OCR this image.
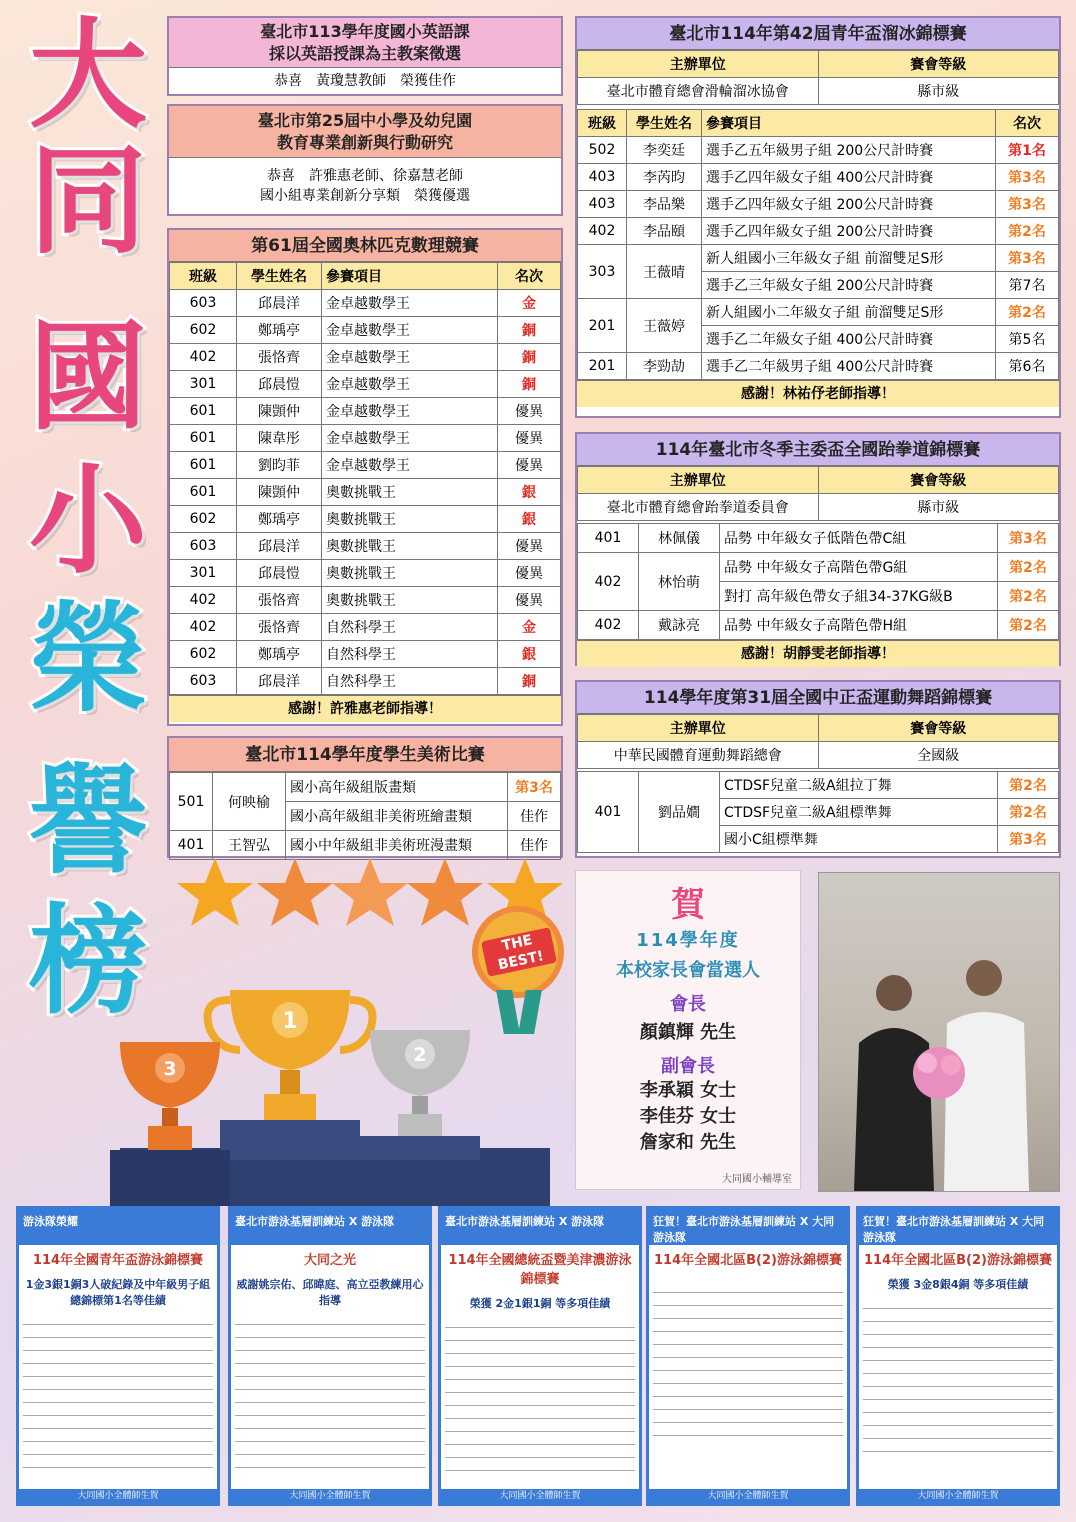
大
同
國
小
榮
譽
榜
臺北市113學年度國小英語課
採以英語授課為主教案徵選
恭喜　黃瓊慧教師　榮獲佳作
臺北市第25屆中小學及幼兒園
教育專業創新與行動研究
恭喜　許雅惠老師、徐嘉慧老師
國小組專業創新分享類　榮獲優選
第61屆全國奧林匹克數理競賽
班級	學生姓名	參賽項目	名次
603	邱晨洋	金卓越數學王	金
602	鄭瑀亭	金卓越數學王	銅
402	張恪齊	金卓越數學王	銅
301	邱晨愷	金卓越數學王	銅
601	陳顗仲	金卓越數學王	優異
601	陳韋彤	金卓越數學王	優異
601	劉昀菲	金卓越數學王	優異
601	陳顗仲	奧數挑戰王	銀
602	鄭瑀亭	奧數挑戰王	銀
603	邱晨洋	奧數挑戰王	優異
301	邱晨愷	奧數挑戰王	優異
402	張恪齊	奧數挑戰王	優異
402	張恪齊	自然科學王	金
602	鄭瑀亭	自然科學王	銀
603	邱晨洋	自然科學王	銅
感謝！許雅惠老師指導！
臺北市114學年度學生美術比賽
501	何映榆	國小高年級組版畫類	第3名
		國小高年級組非美術班繪畫類	佳作
401	王智弘	國小中年級組非美術班漫畫類	佳作
臺北市114年第42屆青年盃溜冰錦標賽
主辦單位	賽會等級
臺北市體育總會滑輪溜冰協會	縣市級
班級	學生姓名	參賽項目	名次
502	李奕廷	選手乙五年級男子組 200公尺計時賽	第1名
403	李芮昀	選手乙四年級女子組 400公尺計時賽	第3名
403	李品樂	選手乙四年級女子組 200公尺計時賽	第3名
402	李品頤	選手乙四年級女子組 200公尺計時賽	第2名
303	王薇晴	新人組國小三年級女子組 前溜雙足S形	第3名
		選手乙三年級女子組 200公尺計時賽	第7名
201	王薇婷	新人組國小二年級女子組 前溜雙足S形	第2名
		選手乙二年級女子組 400公尺計時賽	第5名
201	李勁劼	選手乙二年級男子組 400公尺計時賽	第6名
感謝！林祐伃老師指導！
114年臺北市冬季主委盃全國跆拳道錦標賽
主辦單位	賽會等級
臺北市體育總會跆拳道委員會	縣市級
401	林佩儀	品勢 中年級女子低階色帶C組	第3名
402	林怡萌	品勢 中年級女子高階色帶G組	第2名
		對打 高年級色帶女子組34-37KG級B	第2名
402	戴詠亮	品勢 中年級女子高階色帶H組	第2名
感謝！胡靜雯老師指導！
114學年度第31屆全國中正盃運動舞蹈錦標賽
主辦單位	賽會等級
中華民國體育運動舞蹈總會	全國級
401	劉品嫺	CTDSF兒童二級A組拉丁舞	第2名
		CTDSF兒童二級A組標準舞	第2名
		國小C組標準舞	第3名
THE BEST!
1
2
3
賀
114學年度
本校家長會當選人
會長
顏鎮輝 先生
副會長
李承穎 女士
李佳芬 女士
詹家和 先生
大同國小輔導室
游泳隊榮耀
114年全國青年盃游泳錦標賽
1金3銀1銅3人破紀錄及中年級男子組總錦標第1名等佳績
大同國小全體師生賀
臺北市游泳基層訓練站 X 游泳隊
大同之光
威謝姚宗佑、邱暐庭、高立亞教練用心指導
大同國小全體師生賀
臺北市游泳基層訓練站 X 游泳隊
114年全國總統盃暨美津濃游泳錦標賽
榮獲 2金1銀1銅 等多項佳績
大同國小全體師生賀
狂賀！臺北市游泳基層訓練站 X 大同游泳隊
114年全國北區B(2)游泳錦標賽
大同國小全體師生賀
狂賀！臺北市游泳基層訓練站 X 大同游泳隊
114年全國北區B(2)游泳錦標賽
榮獲 3金8銀4銅 等多項佳績
大同國小全體師生賀
